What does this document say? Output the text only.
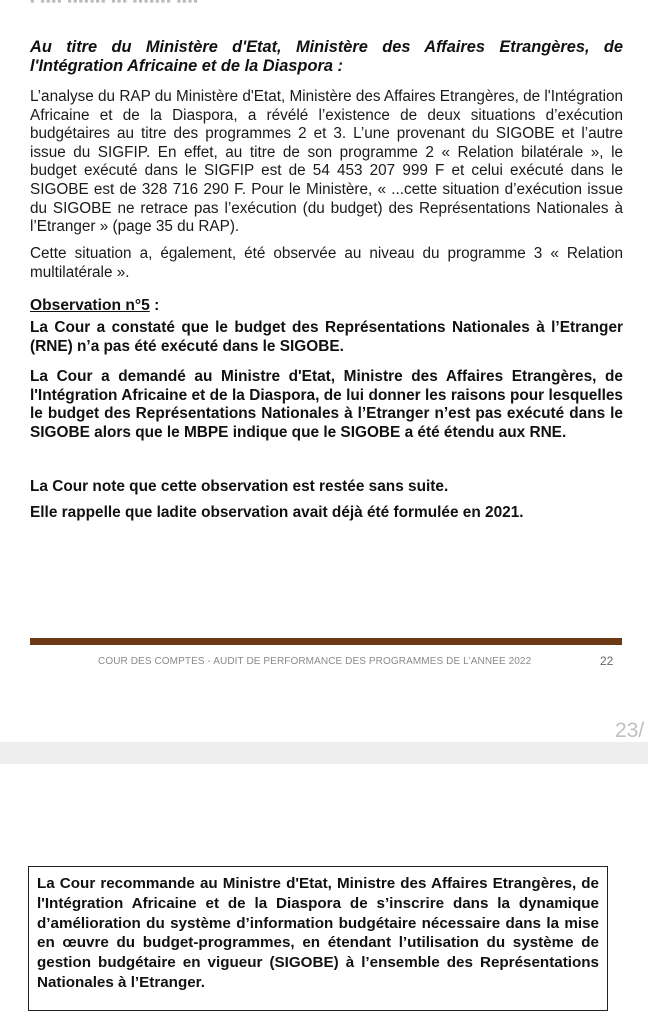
Au titre du Ministère d'Etat, Ministère des Affaires Etrangères, de l'Intégration Africaine et de la Diaspora :

L’analyse du RAP du Ministère d'Etat, Ministère des Affaires Etrangères, de l'Intégration Africaine et de la Diaspora, a révélé l’existence de deux situations d’exécution budgétaires au titre des programmes 2 et 3. L’une provenant du SIGOBE et l’autre issue du SIGFIP. En effet, au titre de son programme 2 « Relation bilatérale », le budget exécuté dans le SIGFIP est de 54 453 207 999 F et celui exécuté dans le SIGOBE est de 328 716 290 F. Pour le Ministère, « ...cette situation d’exécution issue du SIGOBE ne retrace pas l’exécution (du budget) des Représentations Nationales à l’Etranger » (page 35 du RAP).

Cette situation a, également, été observée au niveau du programme 3 « Relation multilatérale ».

Observation n°5 :

La Cour a constaté que le budget des Représentations Nationales à l’Etranger (RNE) n’a pas été exécuté dans le SIGOBE.

La Cour a demandé au Ministre d'Etat, Ministre des Affaires Etrangères, de l'Intégration Africaine et de la Diaspora, de lui donner les raisons pour lesquelles le budget des Représentations Nationales à l’Etranger n’est pas exécuté dans le SIGOBE alors que le MBPE indique que le SIGOBE a été étendu aux RNE.

La Cour note que cette observation est restée sans suite.

Elle rappelle que ladite observation avait déjà été formulée en 2021.

COUR DES COMPTES - AUDIT DE PERFORMANCE DES PROGRAMMES DE L'ANNEE 2022	22
23/

La Cour recommande au Ministre d'Etat, Ministre des Affaires Etrangères, de l'Intégration Africaine et de la Diaspora de s’inscrire dans la dynamique d’amélioration du système d’information budgétaire nécessaire dans la mise en œuvre du budget-programmes, en étendant l’utilisation du système de gestion budgétaire en vigueur (SIGOBE) à l’ensemble des Représentations Nationales à l’Etranger.
